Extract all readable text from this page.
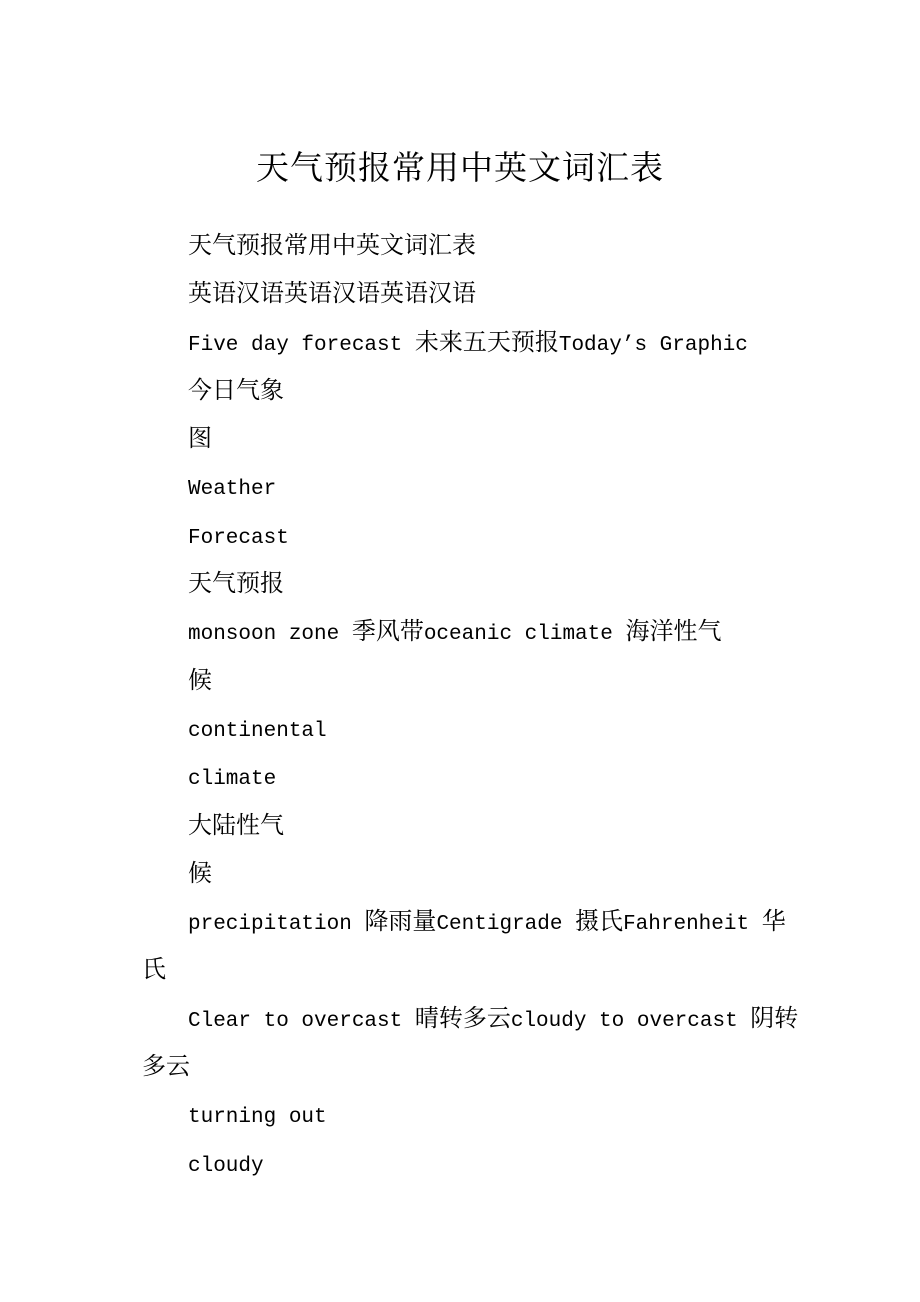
天气预报常用中英文词汇表
天气预报常用中英文词汇表
英语汉语英语汉语英语汉语
Five day forecast 未来五天预报Today’s Graphic
今日气象
图
Weather
Forecast
天气预报
monsoon zone 季风带oceanic climate 海洋性气
候
continental
climate
大陆性气
候
precipitation 降雨量Centigrade 摄氏Fahrenheit 华
氏
Clear to overcast 晴转多云cloudy to overcast 阴转
多云
turning out
cloudy
